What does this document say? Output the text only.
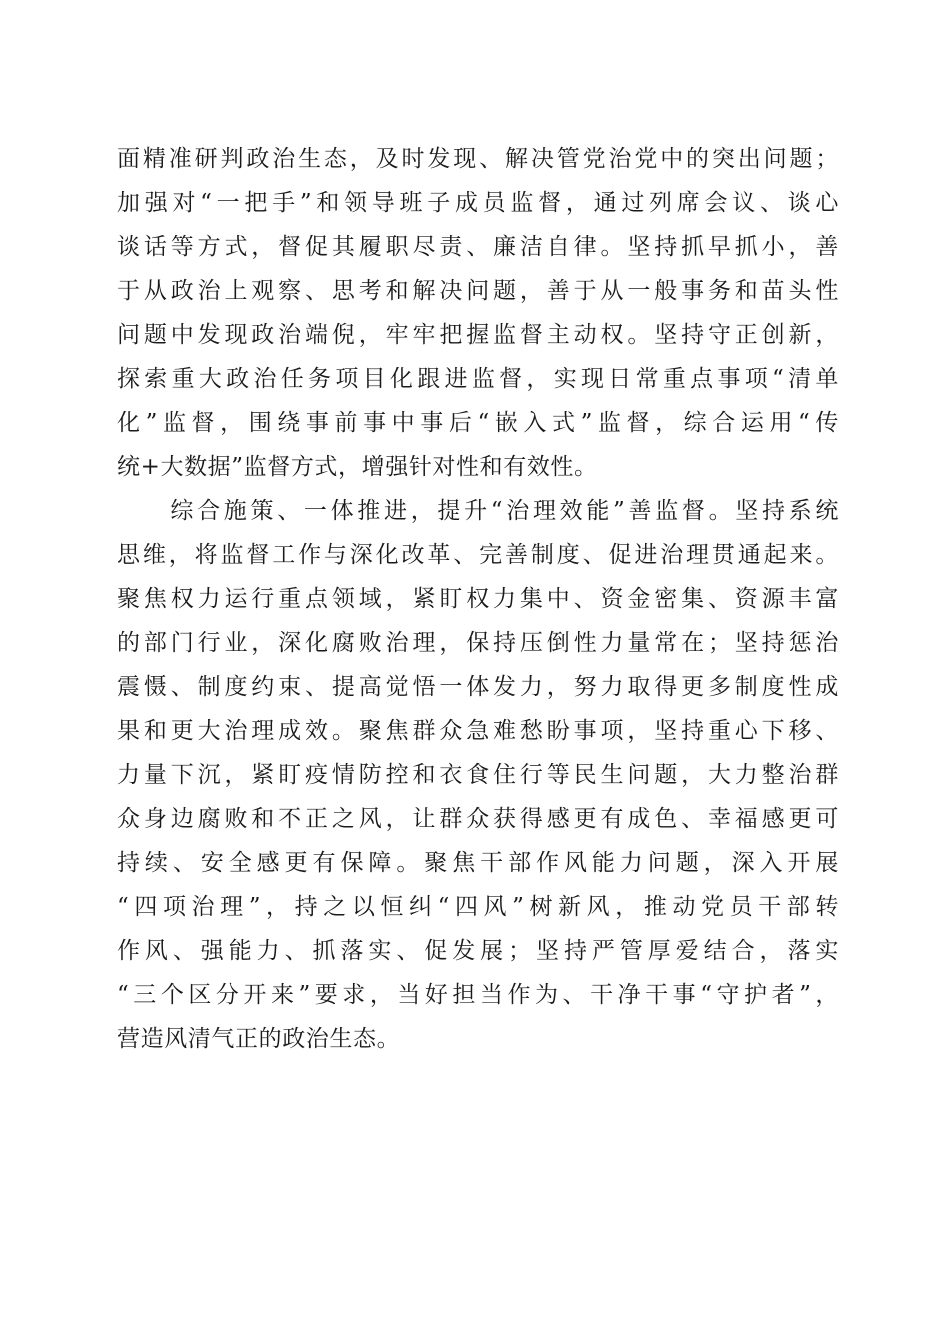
面精准研判政治生态，及时发现、解决管党治党中的突出问题；
加强对“一把手”和领导班子成员监督，通过列席会议、谈心
谈话等方式，督促其履职尽责、廉洁自律。坚持抓早抓小，善
于从政治上观察、思考和解决问题，善于从一般事务和苗头性
问题中发现政治端倪，牢牢把握监督主动权。坚持守正创新，
探索重大政治任务项目化跟进监督，实现日常重点事项“清单
化”监督，围绕事前事中事后“嵌入式”监督，综合运用“传
统+大数据”监督方式，增强针对性和有效性。
　　综合施策、一体推进，提升“治理效能”善监督。坚持系统
思维，将监督工作与深化改革、完善制度、促进治理贯通起来。
聚焦权力运行重点领域，紧盯权力集中、资金密集、资源丰富
的部门行业，深化腐败治理，保持压倒性力量常在；坚持惩治
震慑、制度约束、提高觉悟一体发力，努力取得更多制度性成
果和更大治理成效。聚焦群众急难愁盼事项，坚持重心下移、
力量下沉，紧盯疫情防控和衣食住行等民生问题，大力整治群
众身边腐败和不正之风，让群众获得感更有成色、幸福感更可
持续、安全感更有保障。聚焦干部作风能力问题，深入开展
“四项治理”，持之以恒纠“四风”树新风，推动党员干部转
作风、强能力、抓落实、促发展；坚持严管厚爱结合，落实
“三个区分开来”要求，当好担当作为、干净干事“守护者”，
营造风清气正的政治生态。
